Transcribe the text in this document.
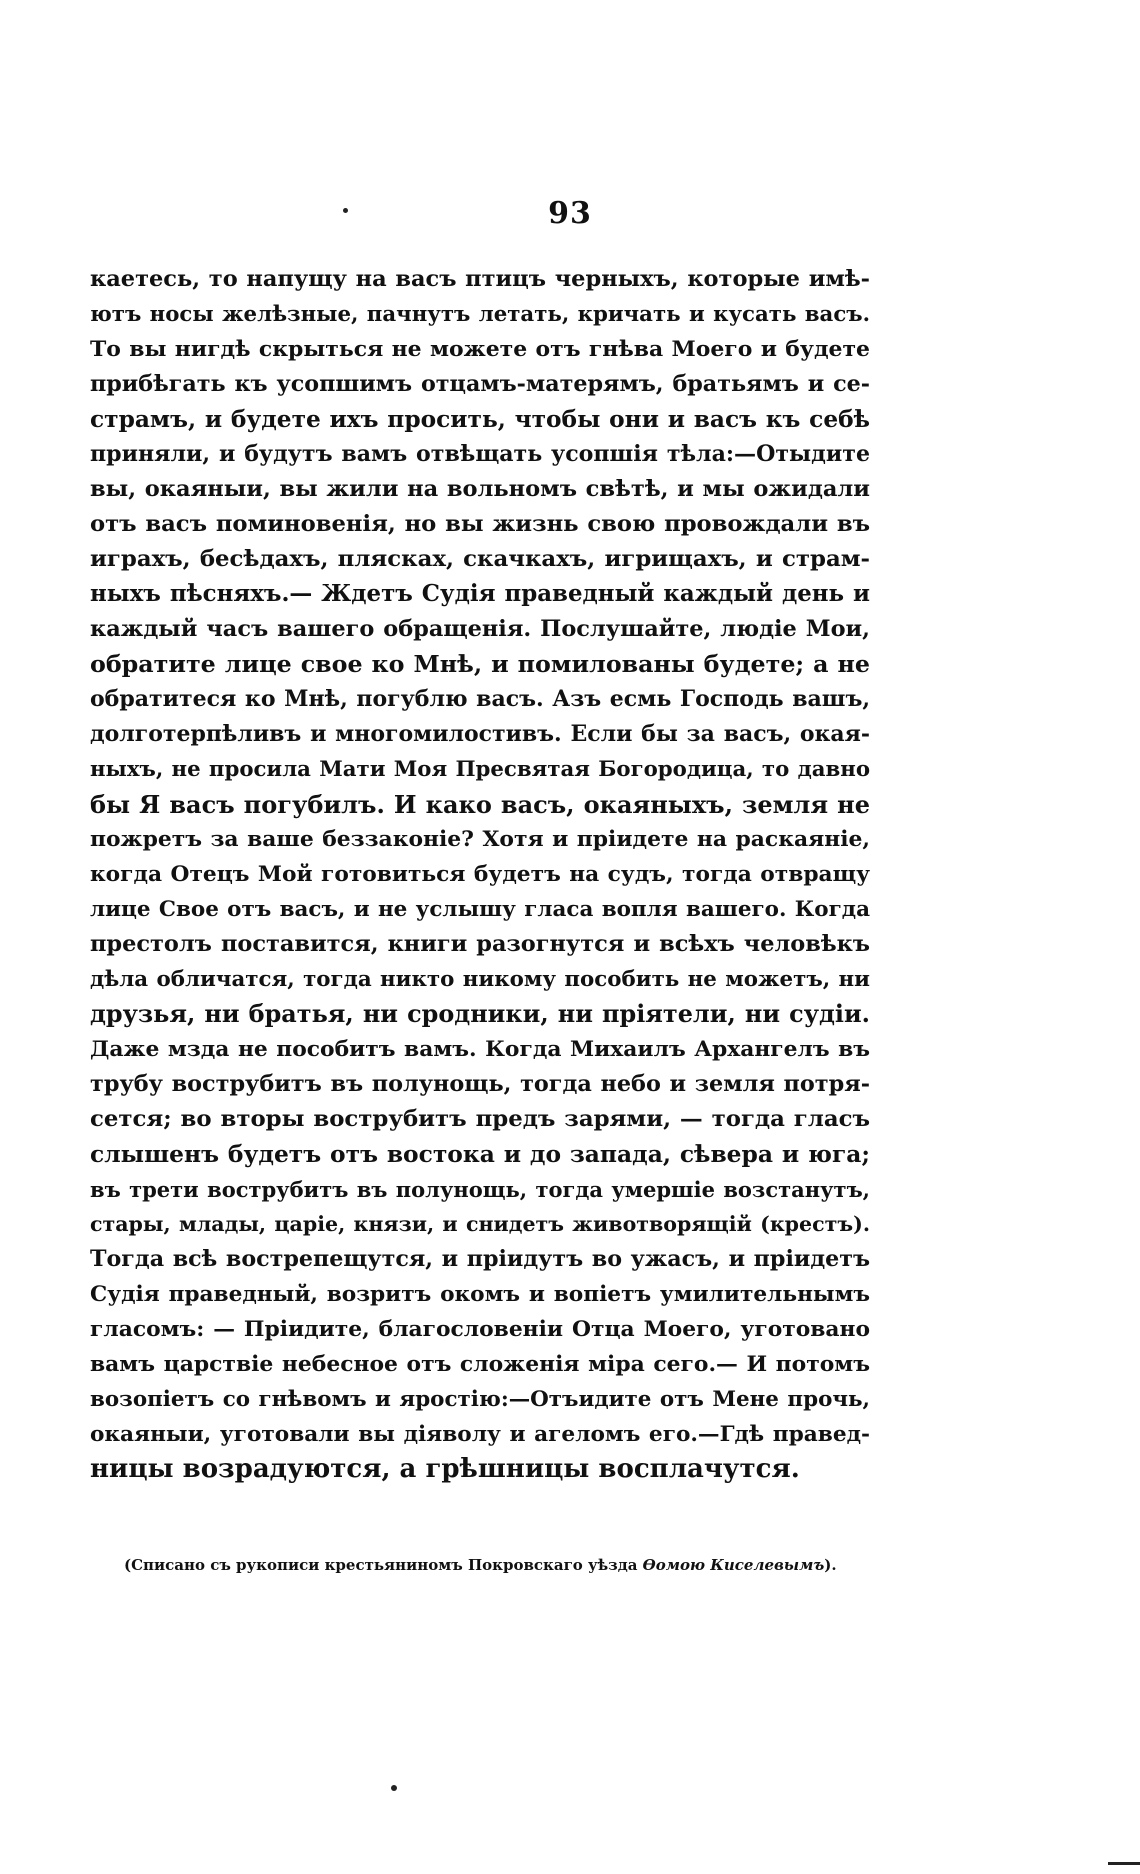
93
каетесь, то напущу на васъ птицъ черныхъ, которые имѣ-
ютъ носы желѣзные, пачнутъ летать, кричать и кусать васъ.
То вы нигдѣ скрыться не можете отъ гнѣва Моего и будете
прибѣгать къ усопшимъ отцамъ-матерямъ, братьямъ и се-
страмъ, и будете ихъ просить, чтобы они и васъ къ себѣ
приняли, и будутъ вамъ отвѣщать усопшія тѣла:—Отыдите
вы, окаяныи, вы жили на вольномъ свѣтѣ, и мы ожидали
отъ васъ поминовенія, но вы жизнь свою провождали въ
играхъ, бесѣдахъ, плясках, скачкахъ, игрищахъ, и страм-
ныхъ пѣсняхъ.— Ждетъ Судія праведный каждый день и
каждый часъ вашего обращенія. Послушайте, людіе Мои,
обратите лице свое ко Мнѣ, и помилованы будете; а не
обратитеся ко Мнѣ, погублю васъ. Азъ есмь Господь вашъ,
долготерпѣливъ и многомилостивъ. Если бы за васъ, окая-
ныхъ, не просила Мати Моя Пресвятая Богородица, то давно
бы Я васъ погубилъ. И како васъ, окаяныхъ, земля не
пожретъ за ваше беззаконіе? Хотя и пріидете на раскаяніе,
когда Отецъ Мой готовиться будетъ на судъ, тогда отвращу
лице Свое отъ васъ, и не услышу гласа вопля вашего. Когда
престолъ поставится, книги разогнутся и всѣхъ человѣкъ
дѣла обличатся, тогда никто никому пособить не можетъ, ни
друзья, ни братья, ни сродники, ни пріятели, ни судіи.
Даже мзда не пособитъ вамъ. Когда Михаилъ Архангелъ въ
трубу вострубитъ въ полунощь, тогда небо и земля потря-
сется; во вторы вострубитъ предъ зарями, — тогда гласъ
слышенъ будетъ отъ востока и до запада, сѣвера и юга;
въ трети вострубитъ въ полунощь, тогда умершіе возстанутъ,
стары, млады, царіе, князи, и снидетъ животворящій (крестъ).
Тогда всѣ вострепещутся, и пріидутъ во ужасъ, и пріидетъ
Судія праведный, возритъ окомъ и вопіетъ умилительнымъ
гласомъ: — Пріидите, благословеніи Отца Моего, уготовано
вамъ царствіе небесное отъ сложенія міра сего.— И потомъ
возопіетъ со гнѣвомъ и яростію:—Отъидите отъ Мене прочь,
окаяныи, уготовали вы діяволу и агеломъ его.—Гдѣ правед-
ницы возрадуются, а грѣшницы восплачутся.
(Списано съ рукописи крестьяниномъ Покровскаго уѣзда Ѳомою Киселевымъ).
